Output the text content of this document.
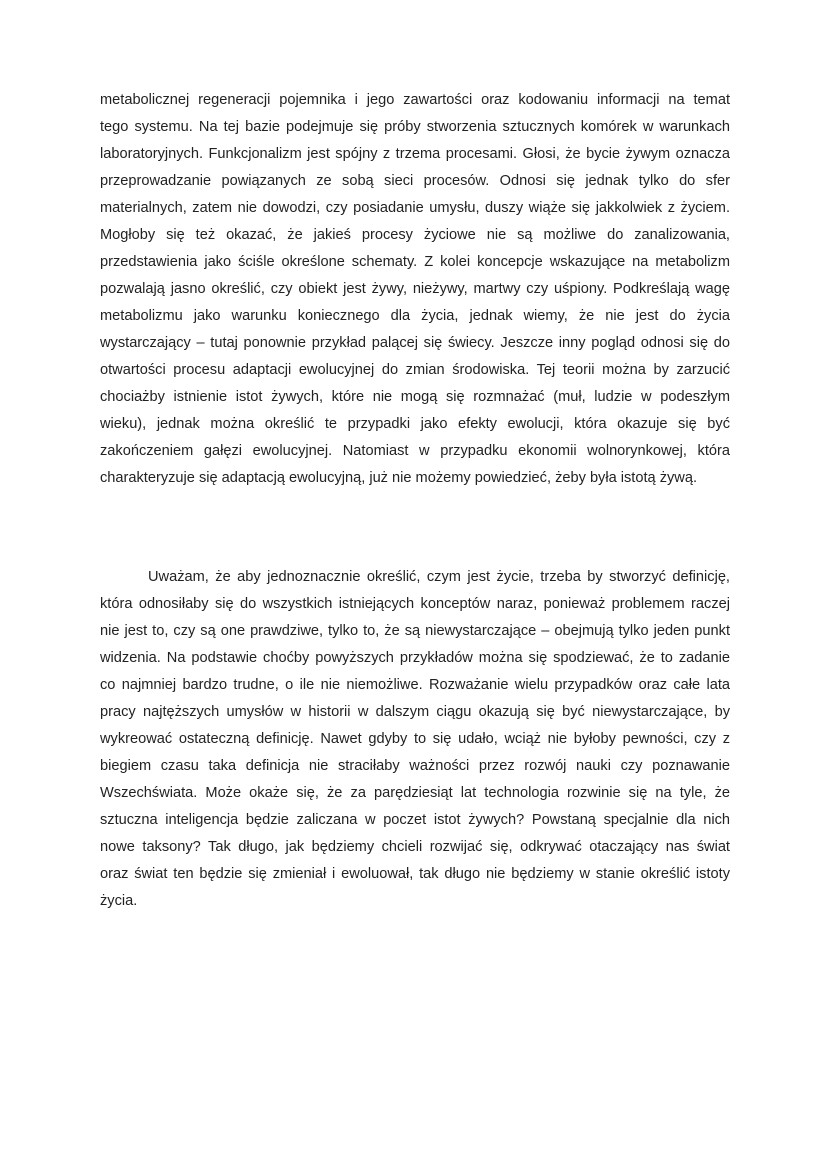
metabolicznej regeneracji pojemnika i jego zawartości oraz kodowaniu informacji na temat
tego systemu. Na tej bazie podejmuje się próby stworzenia sztucznych komórek w warunkach
laboratoryjnych. Funkcjonalizm jest spójny z trzema procesami. Głosi, że bycie żywym oznacza
przeprowadzanie powiązanych ze sobą sieci procesów. Odnosi się jednak tylko do sfer
materialnych, zatem nie dowodzi, czy posiadanie umysłu, duszy wiąże się jakkolwiek z życiem.
Mogłoby się też okazać, że jakieś procesy życiowe nie są możliwe do zanalizowania,
przedstawienia jako ściśle określone schematy. Z kolei koncepcje wskazujące na metabolizm
pozwalają jasno określić, czy obiekt jest żywy, nieżywy, martwy czy uśpiony. Podkreślają wagę
metabolizmu jako warunku koniecznego dla życia, jednak wiemy, że nie jest do życia
wystarczający – tutaj ponownie przykład palącej się świecy. Jeszcze inny pogląd odnosi się do
otwartości procesu adaptacji ewolucyjnej do zmian środowiska. Tej teorii można by zarzucić
chociażby istnienie istot żywych, które nie mogą się rozmnażać (muł, ludzie w podeszłym
wieku), jednak można określić te przypadki jako efekty ewolucji, która okazuje się być
zakończeniem gałęzi ewolucyjnej. Natomiast w przypadku ekonomii wolnorynkowej, która
charakteryzuje się adaptacją ewolucyjną, już nie możemy powiedzieć, żeby była istotą żywą.
Uważam, że aby jednoznacznie określić, czym jest życie, trzeba by stworzyć definicję,
która odnosiłaby się do wszystkich istniejących konceptów naraz, ponieważ problemem raczej
nie jest to, czy są one prawdziwe, tylko to, że są niewystarczające – obejmują tylko jeden punkt
widzenia. Na podstawie choćby powyższych przykładów można się spodziewać, że to zadanie
co najmniej bardzo trudne, o ile nie niemożliwe. Rozważanie wielu przypadków oraz całe lata
pracy najtęższych umysłów w historii w dalszym ciągu okazują się być niewystarczające, by
wykreować ostateczną definicję. Nawet gdyby to się udało, wciąż nie byłoby pewności, czy z
biegiem czasu taka definicja nie straciłaby ważności przez rozwój nauki czy poznawanie
Wszechświata. Może okaże się, że za parędziesiąt lat technologia rozwinie się na tyle, że
sztuczna inteligencja będzie zaliczana w poczet istot żywych? Powstaną specjalnie dla nich
nowe taksony? Tak długo, jak będziemy chcieli rozwijać się, odkrywać otaczający nas świat
oraz świat ten będzie się zmieniał i ewoluował, tak długo nie będziemy w stanie określić istoty
życia.
